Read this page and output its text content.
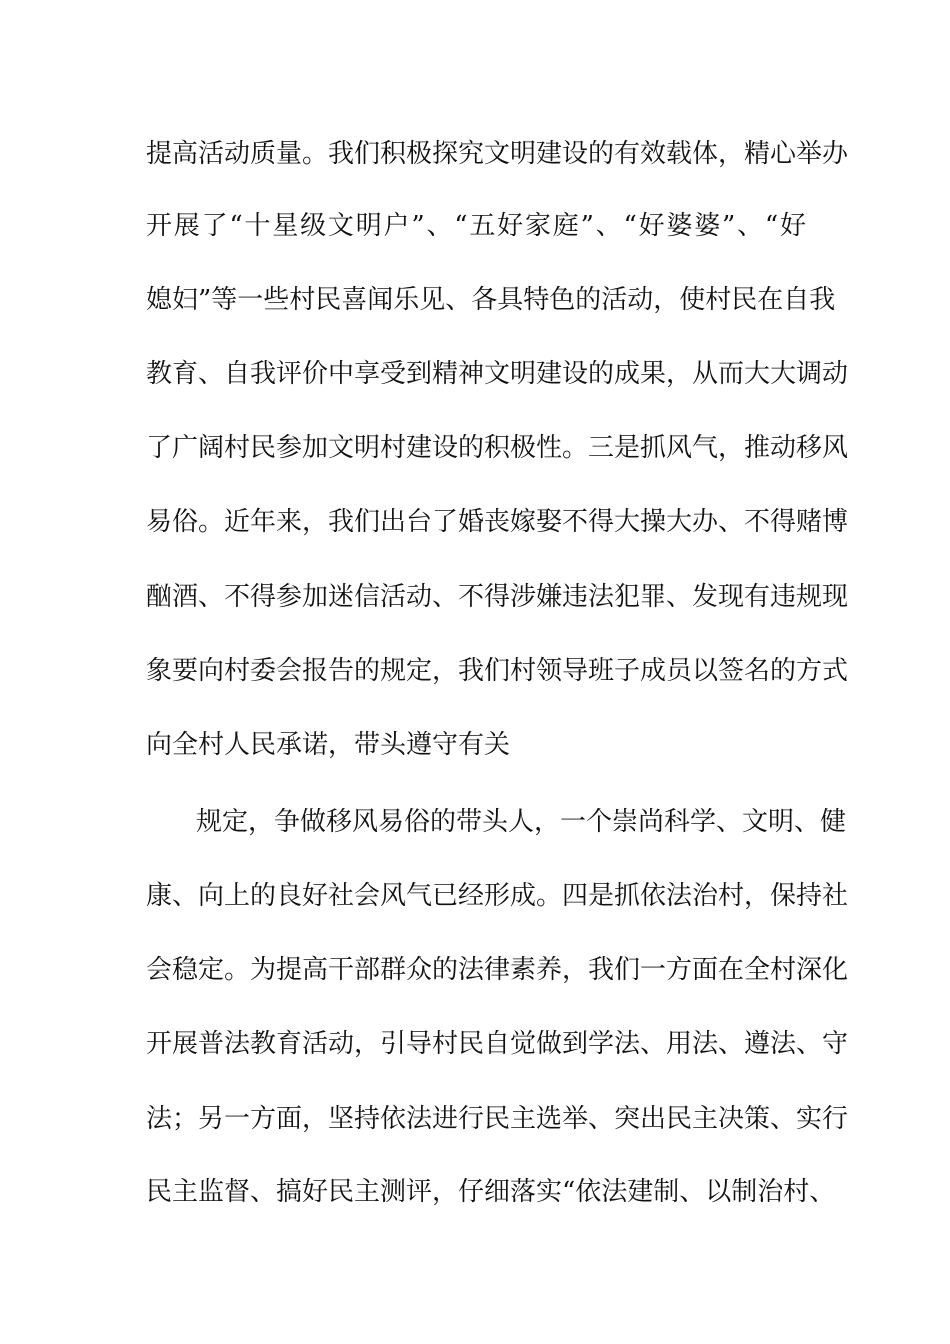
提高活动质量。我们积极探究文明建设的有效载体，精心举办
开展了“十星级文明户”、“五好家庭”、“好婆婆”、“好
媳妇”等一些村民喜闻乐见、各具特色的活动，使村民在自我
教育、自我评价中享受到精神文明建设的成果，从而大大调动
了广阔村民参加文明村建设的积极性。三是抓风气，推动移风
易俗。近年来，我们出台了婚丧嫁娶不得大操大办、不得赌博
酗酒、不得参加迷信活动、不得涉嫌违法犯罪、发现有违规现
象要向村委会报告的规定，我们村领导班子成员以签名的方式
向全村人民承诺，带头遵守有关
规定，争做移风易俗的带头人，一个崇尚科学、文明、健
康、向上的良好社会风气已经形成。四是抓依法治村，保持社
会稳定。为提高干部群众的法律素养，我们一方面在全村深化
开展普法教育活动，引导村民自觉做到学法、用法、遵法、守
法；另一方面，坚持依法进行民主选举、突出民主决策、实行
民主监督、搞好民主测评，仔细落实“依法建制、以制治村、
